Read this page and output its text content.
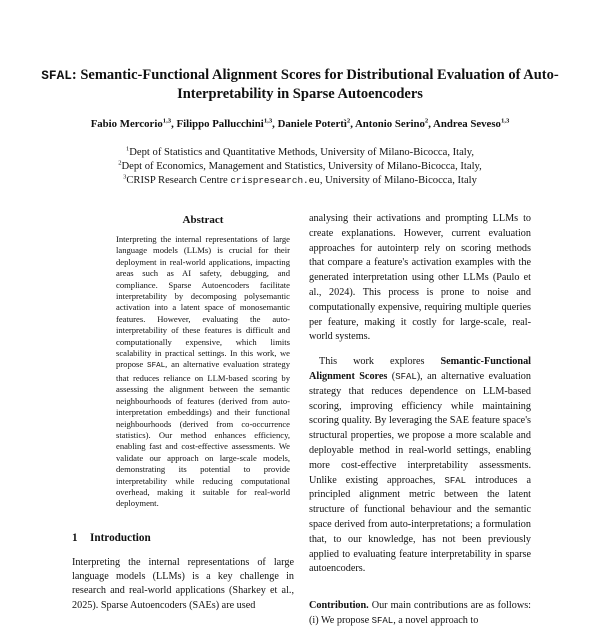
SFAL: Semantic-Functional Alignment Scores for Distributional Evaluation of Auto-Interpretability in Sparse Autoencoders
Fabio Mercorio$^{1,3}$, Filippo Pallucchini$^{1,3}$, Daniele Potertì$^2$, Antonio Serino$^2$, Andrea Seveso$^{1,3}$
$^1$Dept of Statistics and Quantitative Methods, University of Milano-Bicocca, Italy,
$^2$Dept of Economics, Management and Statistics, University of Milano-Bicocca, Italy,
$^3$CRISP Research Centre crispresearch.eu, University of Milano-Bicocca, Italy
Abstract
Interpreting the internal representations of large language models (LLMs) is crucial for their deployment in real-world applications, impacting areas such as AI safety, debugging, and compliance. Sparse Autoencoders facilitate interpretability by decomposing polysemantic activation into a latent space of monosemantic features. However, evaluating the auto-interpretability of these features is difficult and computationally expensive, which limits scalability in practical settings. In this work, we propose SFAL, an alternative evaluation strategy that reduces reliance on LLM-based scoring by assessing the alignment between the semantic neighbourhoods of features (derived from auto-interpretation embeddings) and their functional neighbourhoods (derived from co-occurrence statistics). Our method enhances efficiency, enabling fast and cost-effective assessments. We validate our approach on large-scale models, demonstrating its potential to provide interpretability while reducing computational overhead, making it suitable for real-world deployment.
1 Introduction
Interpreting the internal representations of large language models (LLMs) is a key challenge in research and real-world applications (Sharkey et al., 2025). Sparse Autoencoders (SAEs) are used

analysing their activations and prompting LLMs to create explanations. However, current evaluation approaches for autointerp rely on scoring methods that compare a feature's activation examples with the generated interpretation using other LLMs (Paulo et al., 2024). This process is prone to noise and computationally expensive, requiring multiple queries per feature, making it costly for large-scale, real-world systems.

This work explores Semantic-Functional Alignment Scores (SFAL), an alternative evaluation strategy that reduces dependence on LLM-based scoring, improving efficiency while maintaining scoring quality. By leveraging the SAE feature space's structural properties, we propose a more scalable and deployable method in real-world settings, enabling more cost-effective interpretability assessments. Unlike existing approaches, SFAL introduces a principled alignment metric between the latent structure of functional behaviour and the semantic space derived from auto-interpretations; a formulation that, to our knowledge, has not been previously applied to evaluating feature interpretability in sparse autoencoders.

Contribution. Our main contributions are as follows: (i) We propose SFAL, a novel approach to
